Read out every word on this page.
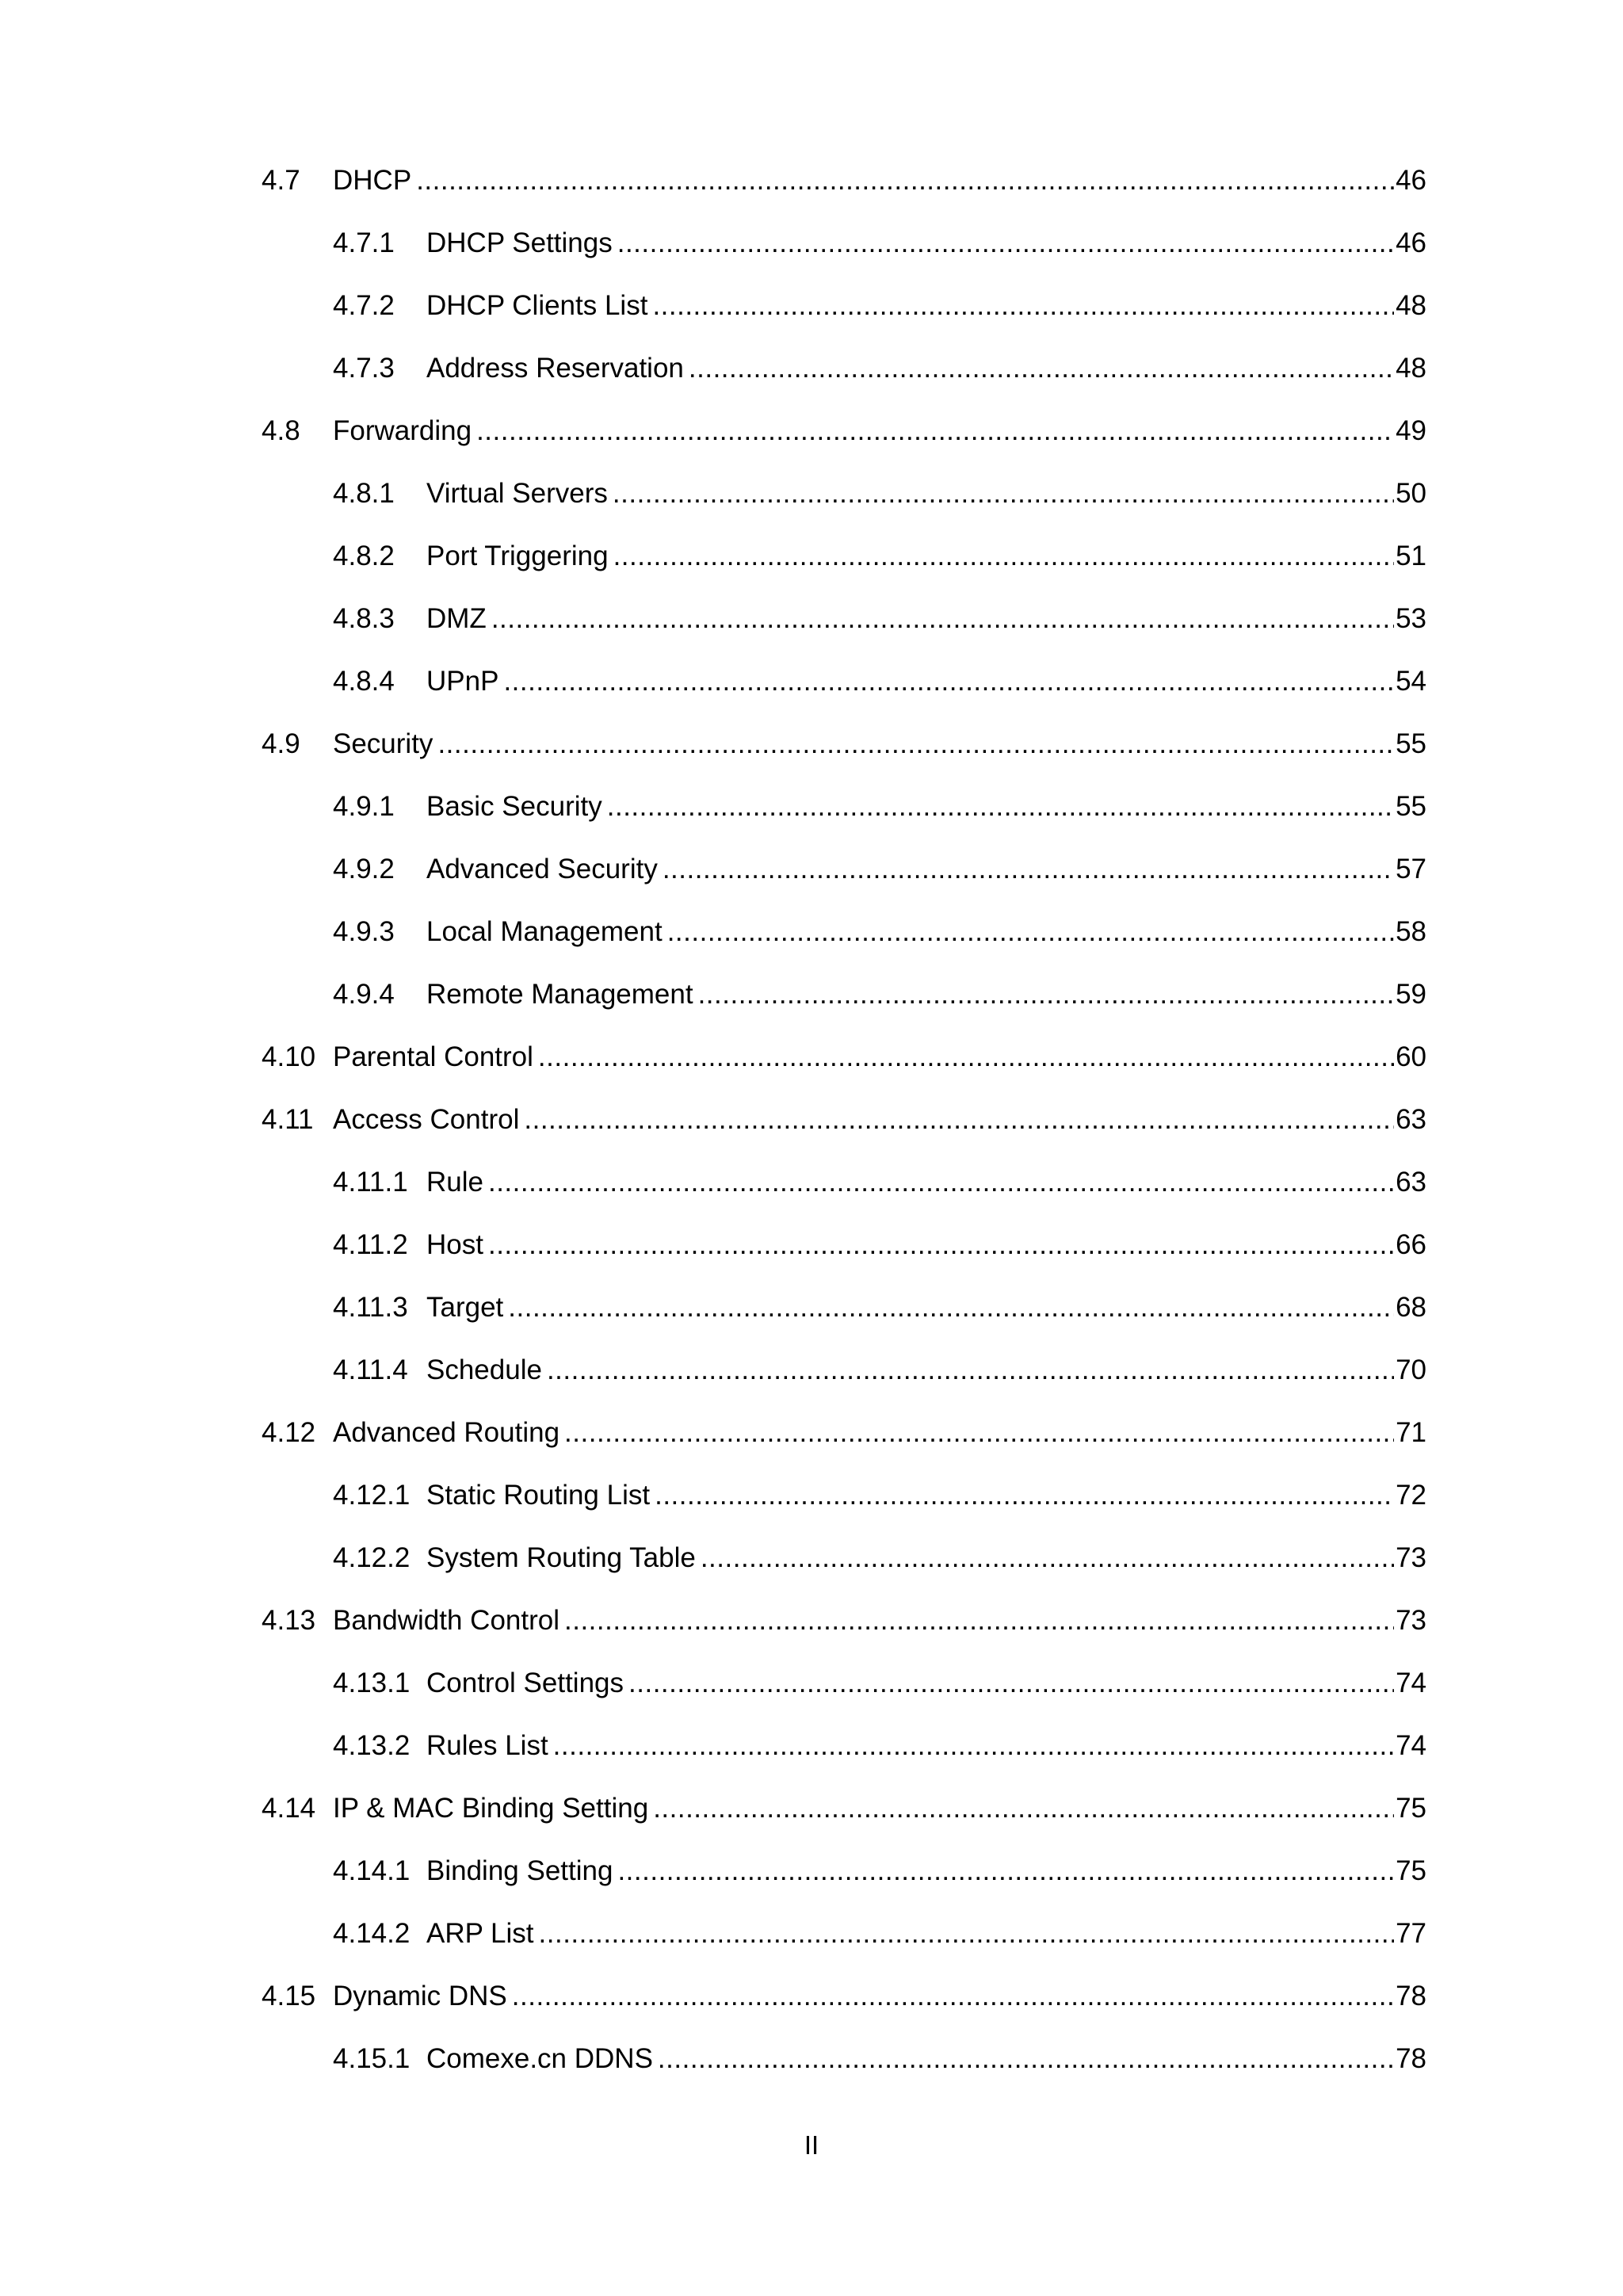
4.7 DHCP .....	46
4.7.1 DHCP Settings .....	46
4.7.2 DHCP Clients List .....	48
4.7.3 Address Reservation .....	48
4.8 Forwarding .....	49
4.8.1 Virtual Servers .....	50
4.8.2 Port Triggering .....	51
4.8.3 DMZ .....	53
4.8.4 UPnP .....	54
4.9 Security .....	55
4.9.1 Basic Security .....	55
4.9.2 Advanced Security .....	57
4.9.3 Local Management .....	58
4.9.4 Remote Management .....	59
4.10 Parental Control .....	60
4.11 Access Control .....	63
4.11.1 Rule .....	63
4.11.2 Host .....	66
4.11.3 Target .....	68
4.11.4 Schedule .....	70
4.12 Advanced Routing .....	71
4.12.1 Static Routing List .....	72
4.12.2 System Routing Table .....	73
4.13 Bandwidth Control .....	73
4.13.1 Control Settings .....	74
4.13.2 Rules List .....	74
4.14 IP & MAC Binding Setting .....	75
4.14.1 Binding Setting .....	75
4.14.2 ARP List .....	77
4.15 Dynamic DNS .....	78
4.15.1 Comexe.cn DDNS .....	78
II
